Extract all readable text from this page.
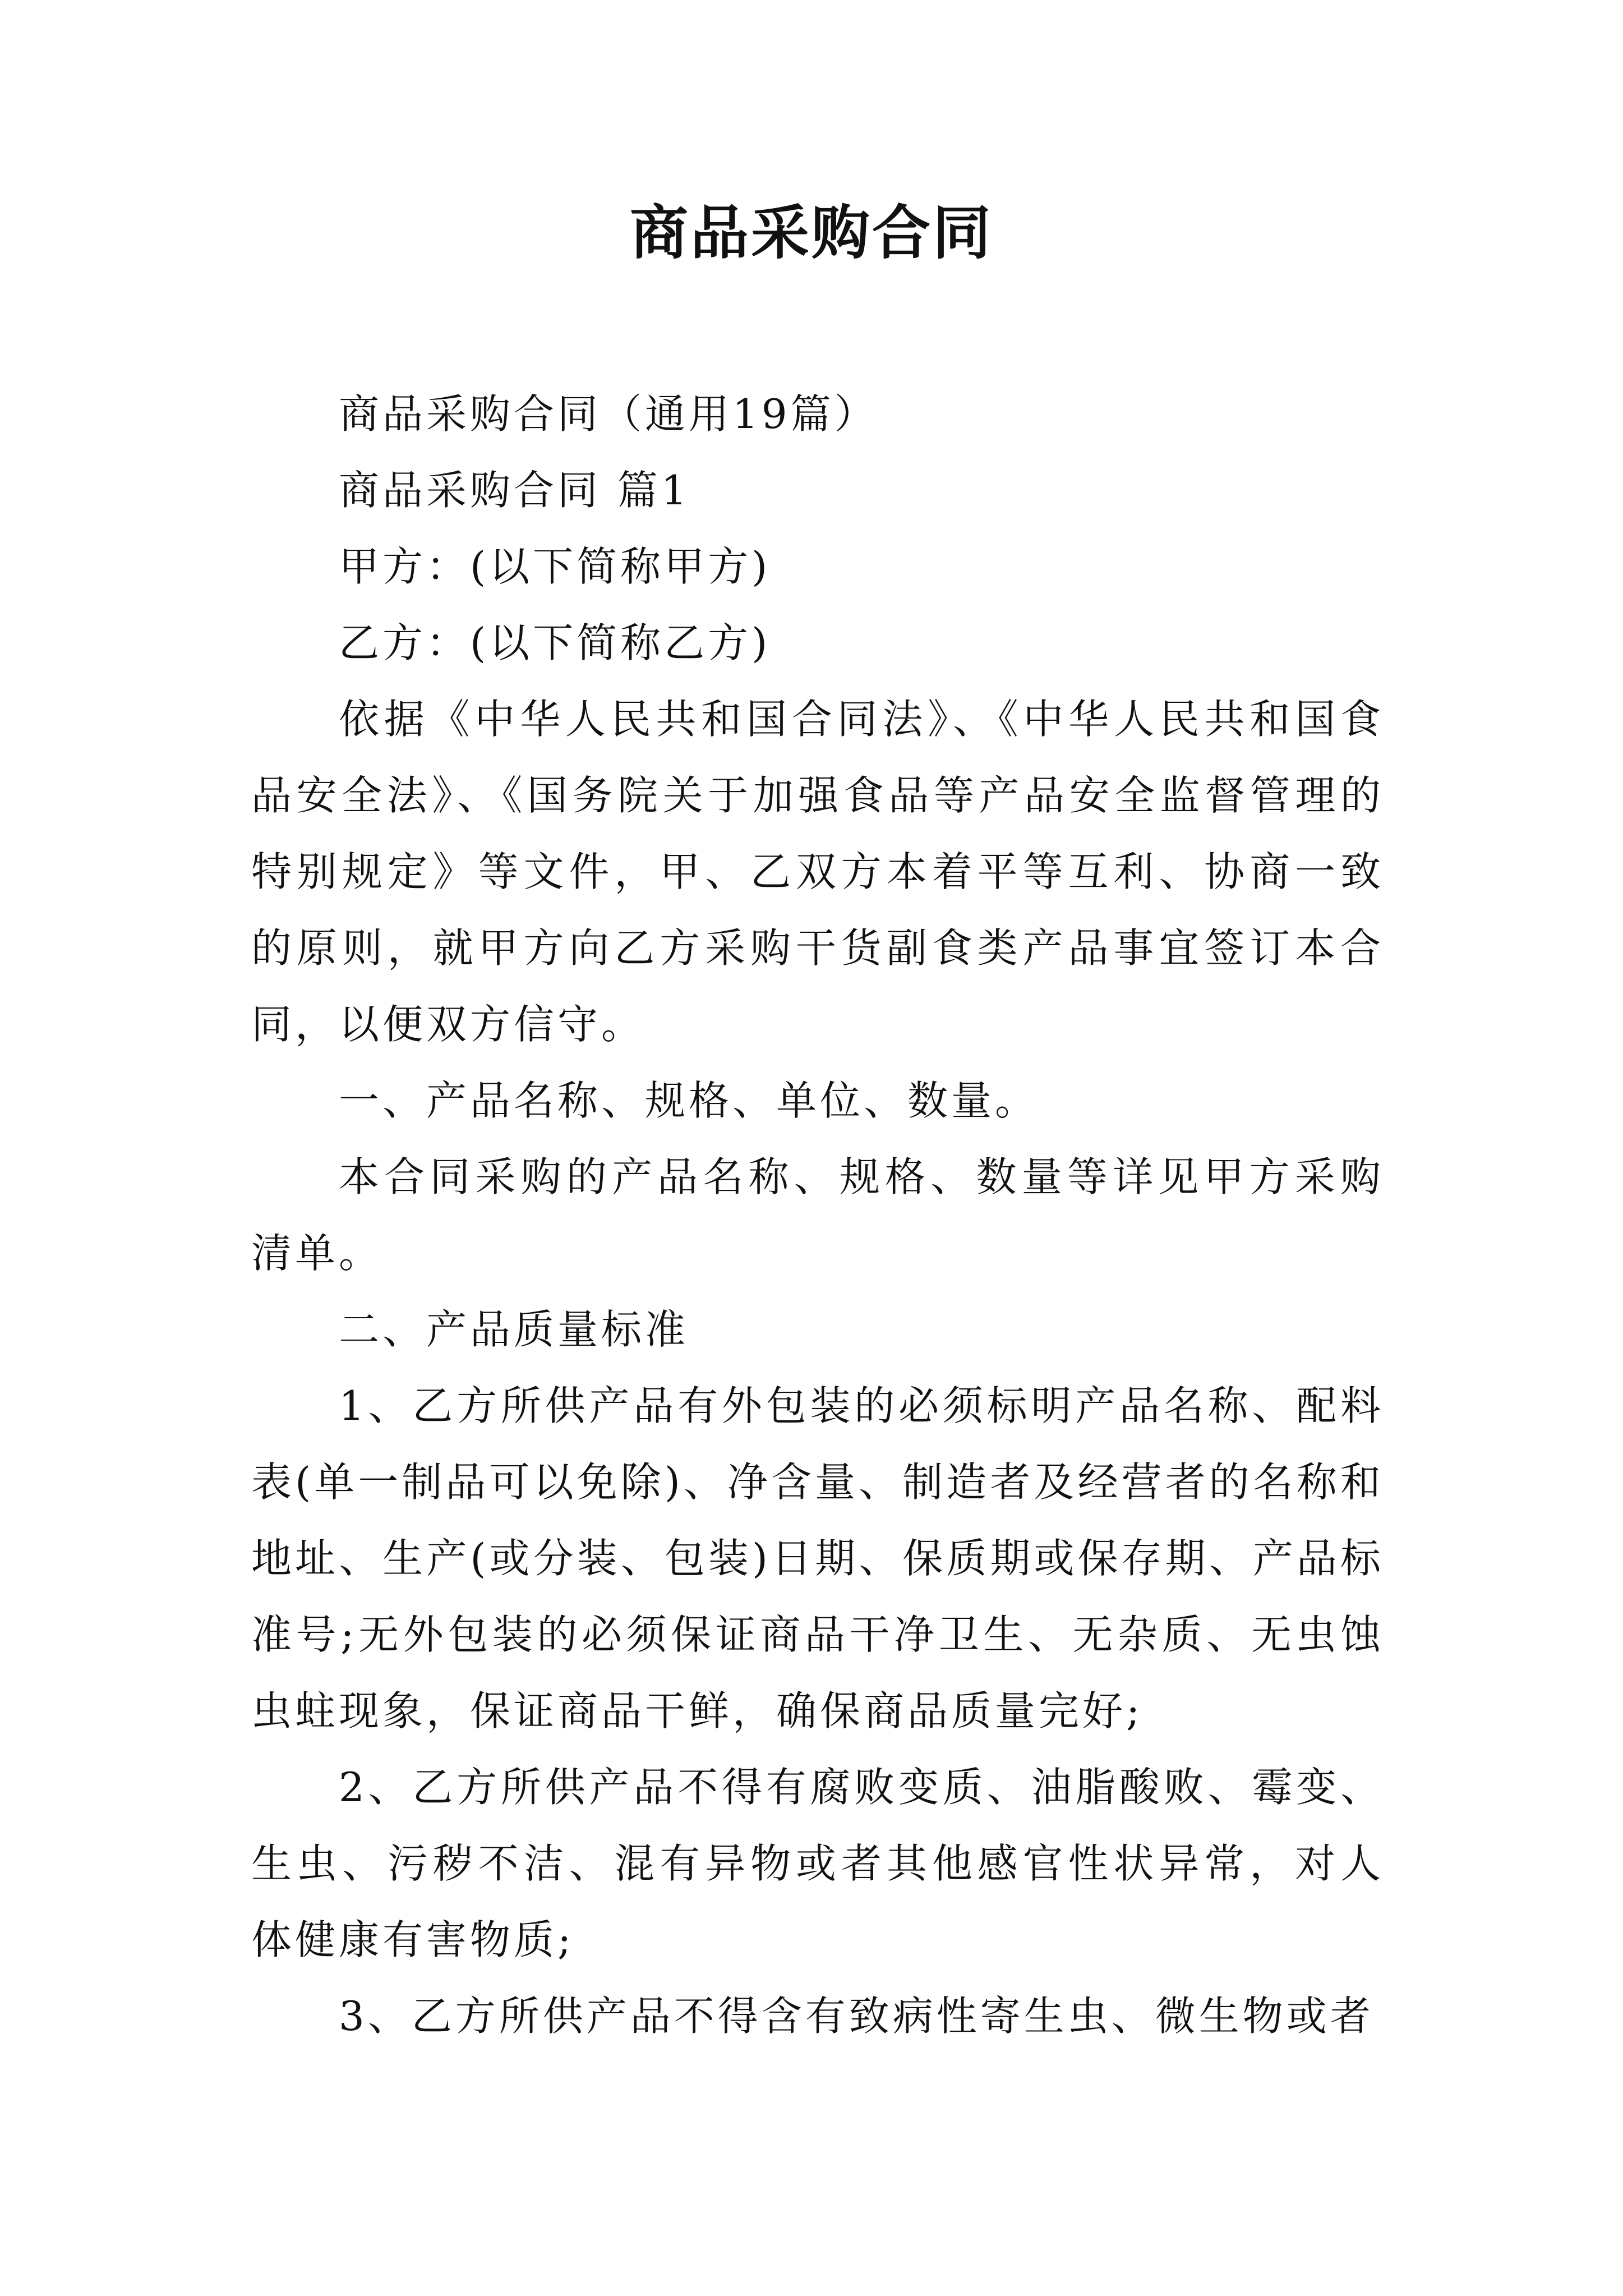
商品采购合同

商品采购合同（通用19篇）

商品采购合同 篇1

甲方：(以下简称甲方)

乙方：(以下简称乙方)

依据《中华人民共和国合同法》、《中华人民共和国食品安全法》、《国务院关于加强食品等产品安全监督管理的特别规定》等文件，甲、乙双方本着平等互利、协商一致的原则，就甲方向乙方采购干货副食类产品事宜签订本合同，以便双方信守。

一、产品名称、规格、单位、数量。

本合同采购的产品名称、规格、数量等详见甲方采购清单。

二、产品质量标准

1、乙方所供产品有外包装的必须标明产品名称、配料表(单一制品可以免除)、净含量、制造者及经营者的名称和地址、生产(或分装、包装)日期、保质期或保存期、产品标准号;无外包装的必须保证商品干净卫生、无杂质、无虫蚀虫蛀现象，保证商品干鲜，确保商品质量完好;

2、乙方所供产品不得有腐败变质、油脂酸败、霉变、生虫、污秽不洁、混有异物或者其他感官性状异常，对人体健康有害物质;

3、乙方所供产品不得含有致病性寄生虫、微生物或者
